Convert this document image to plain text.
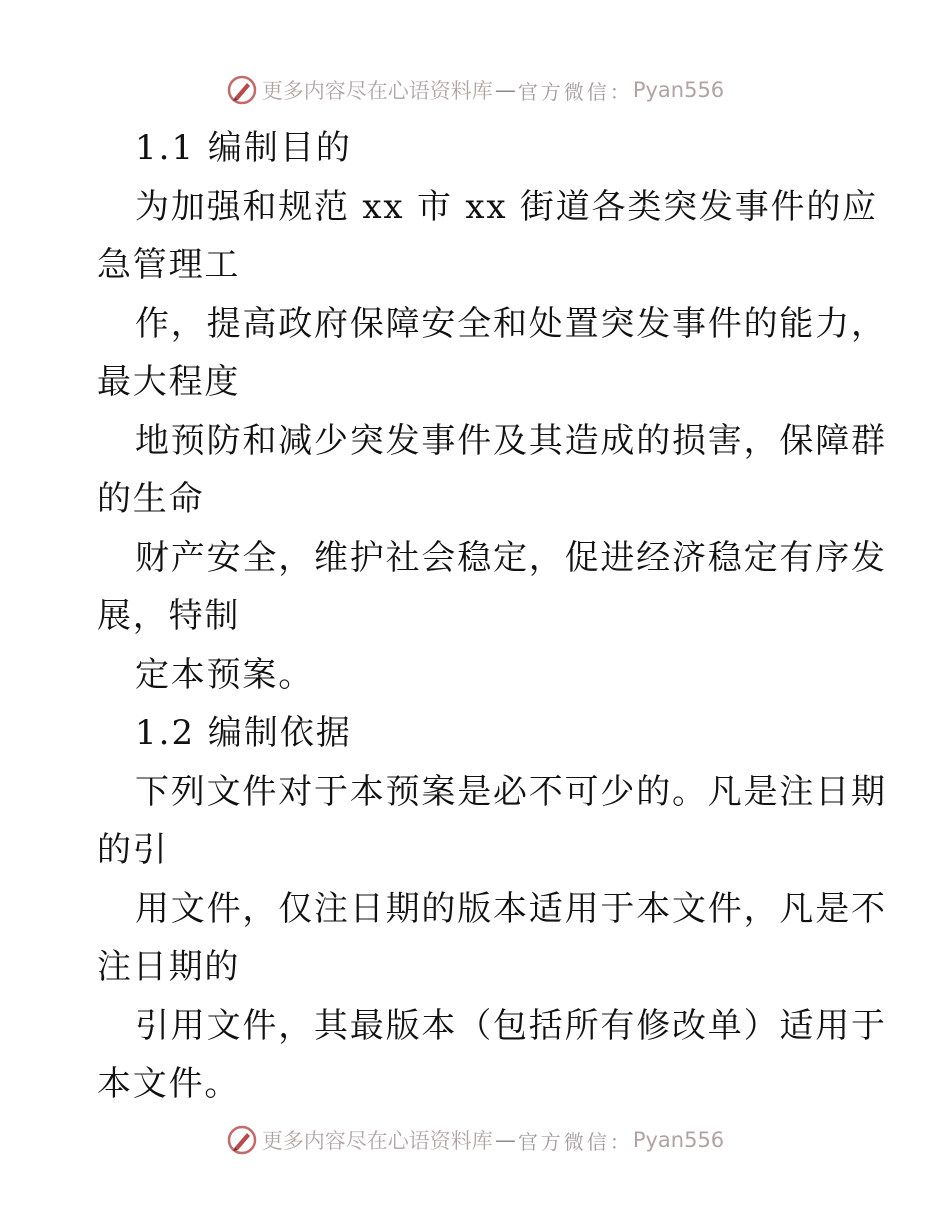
更多内容尽在心语资料库 — 官方微信： Pyan556
1.1 编制目的
为加强和规范 xx 市 xx 街道各类突发事件的应
急管理工
作，提高政府保障安全和处置突发事件的能力，
最大程度
地预防和减少突发事件及其造成的损害，保障群
的生命
财产安全，维护社会稳定，促进经济稳定有序发
展，特制
定本预案。
1.2 编制依据
下列文件对于本预案是必不可少的。凡是注日期
的引
用文件，仅注日期的版本适用于本文件，凡是不
注日期的
引用文件，其最版本（包括所有修改单）适用于
本文件。
更多内容尽在心语资料库 — 官方微信： Pyan556
